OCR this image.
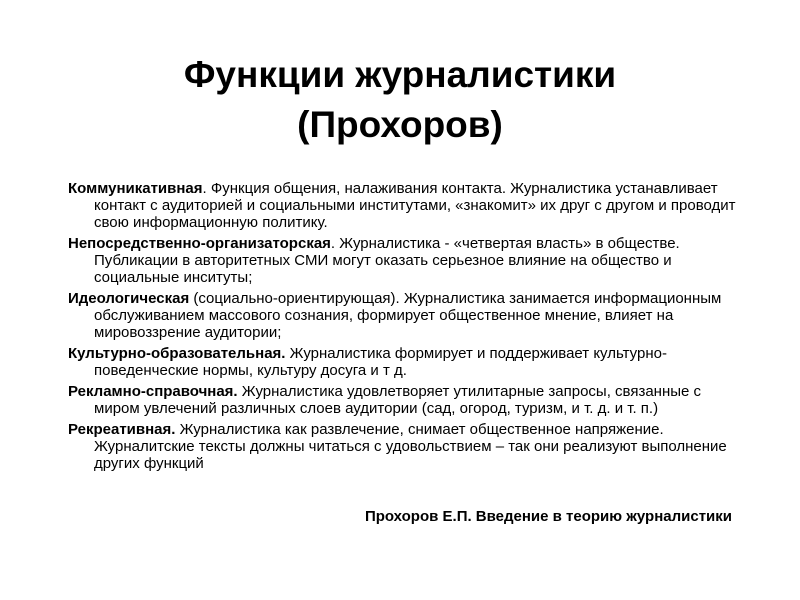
Функции журналистики
(Прохоров)

Коммуникативная. Функция общения, налаживания контакта. Журналистика устанавливает контакт с аудиторией и социальными институтами, «знакомит» их друг с другом и проводит свою информационную политику.

Непосредственно-организаторская. Журналистика - «четвертая власть» в обществе. Публикации в авторитетных СМИ могут оказать серьезное влияние на общество и социальные инситуты;

Идеологическая (социально-ориентирующая). Журналистика занимается информационным обслуживанием массового сознания, формирует общественное мнение, влияет на мировоззрение аудитории;

Культурно-образовательная. Журналистика формирует и поддерживает культурно-поведенческие нормы, культуру досуга и т д.

Рекламно-справочная. Журналистика удовлетворяет утилитарные запросы, связанные с миром увлечений различных слоев аудитории (сад, огород, туризм, и т. д. и т. п.)

Рекреативная. Журналистика как развлечение, снимает общественное напряжение. Журналитские тексты должны читаться с удовольствием – так они реализуют выполнение других функций

Прохоров Е.П. Введение в теорию журналистики
